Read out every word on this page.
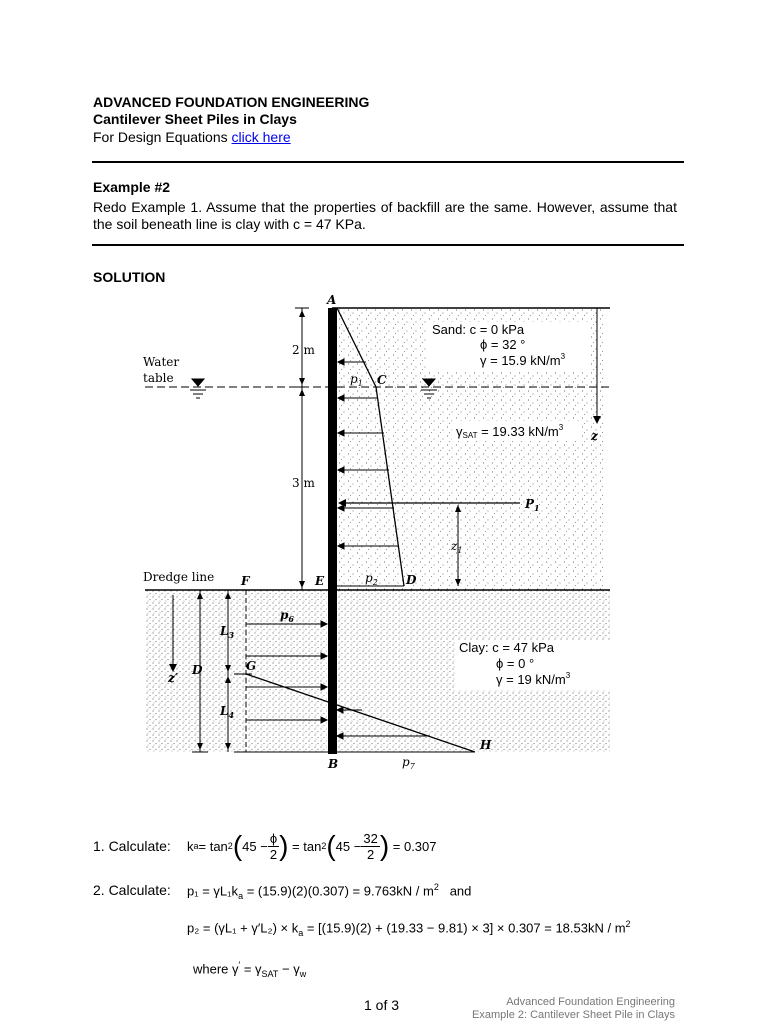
ADVANCED FOUNDATION ENGINEERING
Cantilever Sheet Piles in Clays
For Design Equations click here
Example #2
Redo Example 1. Assume that the properties of backfill are the same. However, assume that the soil beneath line is clay with c = 47 KPa.
SOLUTION
A
C
D
E
F
G
H
B
z
z′
D
Water
table
Dredge line
2 m
3 m
$p_1$
$p_2$
$p_6$
$p_7$
$P_1$
$z_1$
$L_3$
$L_4$
Sand: c = 0 kPa
ϕ = 32 °
γ = 15.9 $kN/m^3$
γSAT = 19.33 $kN/m^3$
Clay: c = 47 kPa
ϕ = 0 °
γ = 19 $kN/m^3$
1. Calculate: k a = tan 2 ( $45 - \frac{\phi}{2}$ )
= tan 2 ( $45 - \frac{32}{2}$ )
= 0.307
2. Calculate: $p_1 = \gamma L_1k_a = (15.9)(2)(0.307) = 9.763kN / m^2$ and
$p_2 = (\gamma L_1 + \gamma'L_2) \times k_a = [(15.9)(2) + (19.33 - 9.81) \times 3] \times 0.307 = 18.53kN / m^2$
where $\gamma' = \gamma_{SAT} - \gamma_w$
1 of 3	Advanced Foundation Engineering
Example 2: Cantilever Sheet Pile in Clays
